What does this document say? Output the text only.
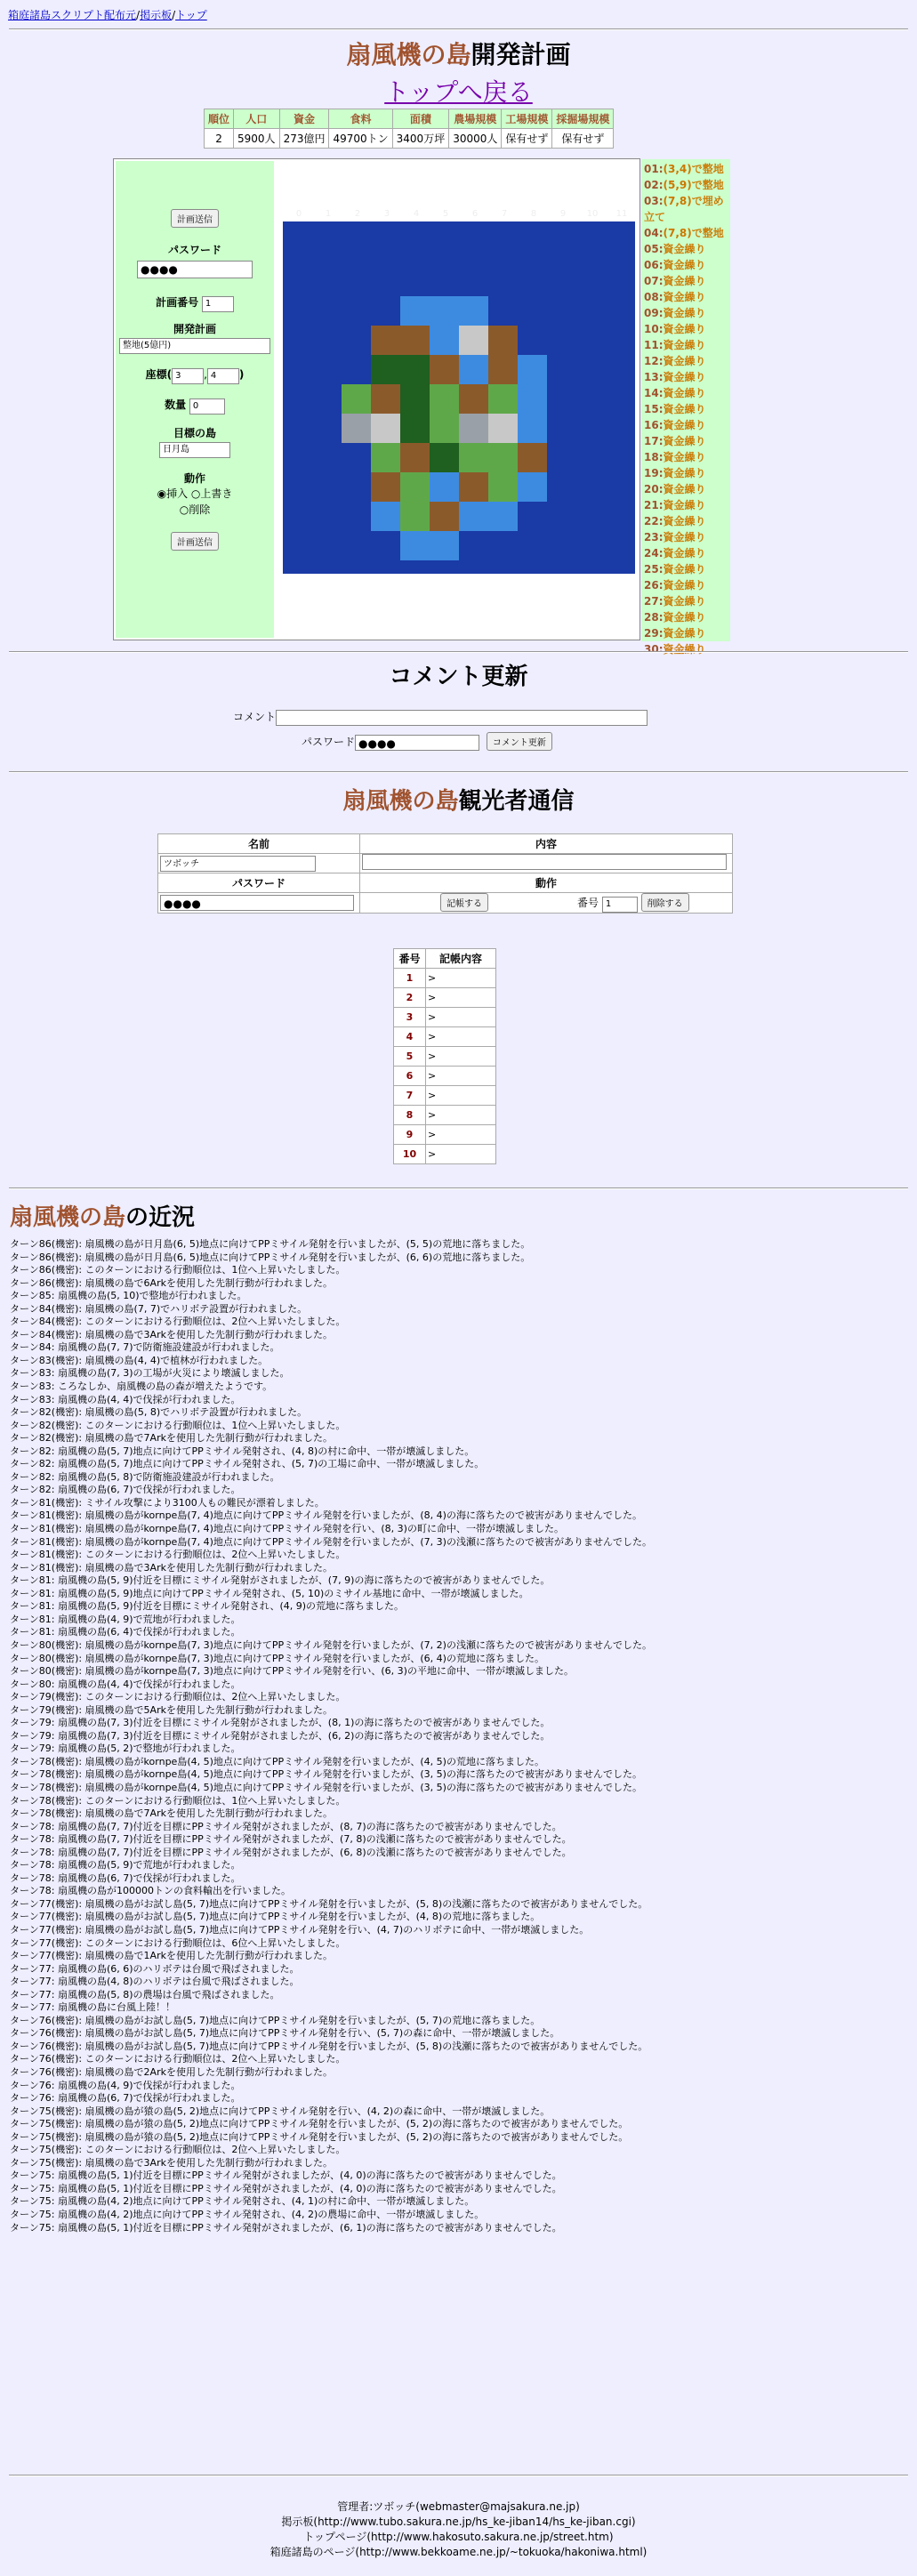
箱庭諸島スクリプト配布元/掲示板/トップ
扇風機の島開発計画
トップへ戻る
順位	人口	資金	食料	面積	農場規模	工場規模	採掘場規模
2	5900人	273億円	49700トン	3400万坪	30000人	保有せず	保有せず
計画送信
パスワード
●●●●
計画番号 1
開発計画
整地(5億円)
座標( 3 , 4 )
数量 0
目標の島
日月島
動作
◉挿入 ○上書き
○削除
計画送信
0	1	2	3	4	5	6	7	8	9	10	11
01:(3,4)で整地
02:(5,9)で整地
03:(7,8)で埋め立て
04:(7,8)で整地
05:資金繰り
06:資金繰り
07:資金繰り
08:資金繰り
09:資金繰り
10:資金繰り
11:資金繰り
12:資金繰り
13:資金繰り
14:資金繰り
15:資金繰り
16:資金繰り
17:資金繰り
18:資金繰り
19:資金繰り
20:資金繰り
21:資金繰り
22:資金繰り
23:資金繰り
24:資金繰り
25:資金繰り
26:資金繰り
27:資金繰り
28:資金繰り
29:資金繰り
30:資金繰り
コメント更新
コメント
パスワード ●●●●	コメント更新
扇風機の島観光者通信
名前	内容
ツボッチ	
パスワード	動作
●●●●	記帳する 番号 1 削除する
番号	記帳内容
1	>
2	>
3	>
4	>
5	>
6	>
7	>
8	>
9	>
10	>
扇風機の島の近況
ターン86(機密): 扇風機の島が日月島(6, 5)地点に向けてPPミサイル発射を行いましたが、(5, 5)の荒地に落ちました。
ターン86(機密): 扇風機の島が日月島(6, 5)地点に向けてPPミサイル発射を行いましたが、(6, 6)の荒地に落ちました。
ターン86(機密): このターンにおける行動順位は、1位へ上昇いたしました。
ターン86(機密): 扇風機の島で6Arkを使用した先制行動が行われました。
ターン85: 扇風機の島(5, 10)で整地が行われました。
ターン84(機密): 扇風機の島(7, 7)でハリボテ設置が行われました。
ターン84(機密): このターンにおける行動順位は、2位へ上昇いたしました。
ターン84(機密): 扇風機の島で3Arkを使用した先制行動が行われました。
ターン84: 扇風機の島(7, 7)で防衛施設建設が行われました。
ターン83(機密): 扇風機の島(4, 4)で植林が行われました。
ターン83: 扇風機の島(7, 3)の工場が火災により壊滅しました。
ターン83: ころなしか、扇風機の島の森が増えたようです。
ターン83: 扇風機の島(4, 4)で伐採が行われました。
ターン82(機密): 扇風機の島(5, 8)でハリボテ設置が行われました。
ターン82(機密): このターンにおける行動順位は、1位へ上昇いたしました。
ターン82(機密): 扇風機の島で7Arkを使用した先制行動が行われました。
ターン82: 扇風機の島(5, 7)地点に向けてPPミサイル発射され、(4, 8)の村に命中、一帯が壊滅しました。
ターン82: 扇風機の島(5, 7)地点に向けてPPミサイル発射され、(5, 7)の工場に命中、一帯が壊滅しました。
ターン82: 扇風機の島(5, 8)で防衛施設建設が行われました。
ターン82: 扇風機の島(6, 7)で伐採が行われました。
ターン81(機密): ミサイル攻撃により3100人もの難民が漂着しました。
ターン81(機密): 扇風機の島がkornpe島(7, 4)地点に向けてPPミサイル発射を行いましたが、(8, 4)の海に落ちたので被害がありませんでした。
ターン81(機密): 扇風機の島がkornpe島(7, 4)地点に向けてPPミサイル発射を行い、(8, 3)の町に命中、一帯が壊滅しました。
ターン81(機密): 扇風機の島がkornpe島(7, 4)地点に向けてPPミサイル発射を行いましたが、(7, 3)の浅瀬に落ちたので被害がありませんでした。
ターン81(機密): このターンにおける行動順位は、2位へ上昇いたしました。
ターン81(機密): 扇風機の島で3Arkを使用した先制行動が行われました。
ターン81: 扇風機の島(5, 9)付近を目標にミサイル発射がされましたが、(7, 9)の海に落ちたので被害がありませんでした。
ターン81: 扇風機の島(5, 9)地点に向けてPPミサイル発射され、(5, 10)のミサイル基地に命中、一帯が壊滅しました。
ターン81: 扇風機の島(5, 9)付近を目標にミサイル発射され、(4, 9)の荒地に落ちました。
ターン81: 扇風機の島(4, 9)で荒地が行われました。
ターン81: 扇風機の島(6, 4)で伐採が行われました。
ターン80(機密): 扇風機の島がkornpe島(7, 3)地点に向けてPPミサイル発射を行いましたが、(7, 2)の浅瀬に落ちたので被害がありませんでした。
ターン80(機密): 扇風機の島がkornpe島(7, 3)地点に向けてPPミサイル発射を行いましたが、(6, 4)の荒地に落ちました。
ターン80(機密): 扇風機の島がkornpe島(7, 3)地点に向けてPPミサイル発射を行い、(6, 3)の平地に命中、一帯が壊滅しました。
ターン80: 扇風機の島(4, 4)で伐採が行われました。
ターン79(機密): このターンにおける行動順位は、2位へ上昇いたしました。
ターン79(機密): 扇風機の島で5Arkを使用した先制行動が行われました。
ターン79: 扇風機の島(7, 3)付近を目標にミサイル発射がされましたが、(8, 1)の海に落ちたので被害がありませんでした。
ターン79: 扇風機の島(7, 3)付近を目標にミサイル発射がされましたが、(6, 2)の海に落ちたので被害がありませんでした。
ターン79: 扇風機の島(5, 2)で整地が行われました。
ターン78(機密): 扇風機の島がkornpe島(4, 5)地点に向けてPPミサイル発射を行いましたが、(4, 5)の荒地に落ちました。
ターン78(機密): 扇風機の島がkornpe島(4, 5)地点に向けてPPミサイル発射を行いましたが、(3, 5)の海に落ちたので被害がありませんでした。
ターン78(機密): 扇風機の島がkornpe島(4, 5)地点に向けてPPミサイル発射を行いましたが、(3, 5)の海に落ちたので被害がありませんでした。
ターン78(機密): このターンにおける行動順位は、1位へ上昇いたしました。
ターン78(機密): 扇風機の島で7Arkを使用した先制行動が行われました。
ターン78: 扇風機の島(7, 7)付近を目標にPPミサイル発射がされましたが、(8, 7)の海に落ちたので被害がありませんでした。
ターン78: 扇風機の島(7, 7)付近を目標にPPミサイル発射がされましたが、(7, 8)の浅瀬に落ちたので被害がありませんでした。
ターン78: 扇風機の島(7, 7)付近を目標にPPミサイル発射がされましたが、(6, 8)の浅瀬に落ちたので被害がありませんでした。
ターン78: 扇風機の島(5, 9)で荒地が行われました。
ターン78: 扇風機の島(6, 7)で伐採が行われました。
ターン78: 扇風機の島が100000トンの食料輸出を行いました。
ターン77(機密): 扇風機の島がお試し島(5, 7)地点に向けてPPミサイル発射を行いましたが、(5, 8)の浅瀬に落ちたので被害がありませんでした。
ターン77(機密): 扇風機の島がお試し島(5, 7)地点に向けてPPミサイル発射を行いましたが、(4, 8)の荒地に落ちました。
ターン77(機密): 扇風機の島がお試し島(5, 7)地点に向けてPPミサイル発射を行い、(4, 7)のハリボテに命中、一帯が壊滅しました。
ターン77(機密): このターンにおける行動順位は、6位へ上昇いたしました。
ターン77(機密): 扇風機の島で1Arkを使用した先制行動が行われました。
ターン77: 扇風機の島(6, 6)のハリボテは台風で飛ばされました。
ターン77: 扇風機の島(4, 8)のハリボテは台風で飛ばされました。
ターン77: 扇風機の島(5, 8)の農場は台風で飛ばされました。
ターン77: 扇風機の島に台風上陸！！
ターン76(機密): 扇風機の島がお試し島(5, 7)地点に向けてPPミサイル発射を行いましたが、(5, 7)の荒地に落ちました。
ターン76(機密): 扇風機の島がお試し島(5, 7)地点に向けてPPミサイル発射を行い、(5, 7)の森に命中、一帯が壊滅しました。
ターン76(機密): 扇風機の島がお試し島(5, 7)地点に向けてPPミサイル発射を行いましたが、(5, 8)の浅瀬に落ちたので被害がありませんでした。
ターン76(機密): このターンにおける行動順位は、2位へ上昇いたしました。
ターン76(機密): 扇風機の島で2Arkを使用した先制行動が行われました。
ターン76: 扇風機の島(4, 9)で伐採が行われました。
ターン76: 扇風機の島(6, 7)で伐採が行われました。
ターン75(機密): 扇風機の島が猿の島(5, 2)地点に向けてPPミサイル発射を行い、(4, 2)の森に命中、一帯が壊滅しました。
ターン75(機密): 扇風機の島が猿の島(5, 2)地点に向けてPPミサイル発射を行いましたが、(5, 2)の海に落ちたので被害がありませんでした。
ターン75(機密): 扇風機の島が猿の島(5, 2)地点に向けてPPミサイル発射を行いましたが、(5, 2)の海に落ちたので被害がありませんでした。
ターン75(機密): このターンにおける行動順位は、2位へ上昇いたしました。
ターン75(機密): 扇風機の島で3Arkを使用した先制行動が行われました。
ターン75: 扇風機の島(5, 1)付近を目標にPPミサイル発射がされましたが、(4, 0)の海に落ちたので被害がありませんでした。
ターン75: 扇風機の島(5, 1)付近を目標にPPミサイル発射がされましたが、(4, 0)の海に落ちたので被害がありませんでした。
ターン75: 扇風機の島(4, 2)地点に向けてPPミサイル発射され、(4, 1)の村に命中、一帯が壊滅しました。
ターン75: 扇風機の島(4, 2)地点に向けてPPミサイル発射され、(4, 2)の農場に命中、一帯が壊滅しました。
ターン75: 扇風機の島(5, 1)付近を目標にPPミサイル発射がされましたが、(6, 1)の海に落ちたので被害がありませんでした。
管理者:ツボッチ(webmaster@majsakura.ne.jp)
掲示板(http://www.tubo.sakura.ne.jp/hs_ke-jiban14/hs_ke-jiban.cgi)
トップページ(http://www.hakosuto.sakura.ne.jp/street.htm)
箱庭諸島のページ(http://www.bekkoame.ne.jp/~tokuoka/hakoniwa.html)
